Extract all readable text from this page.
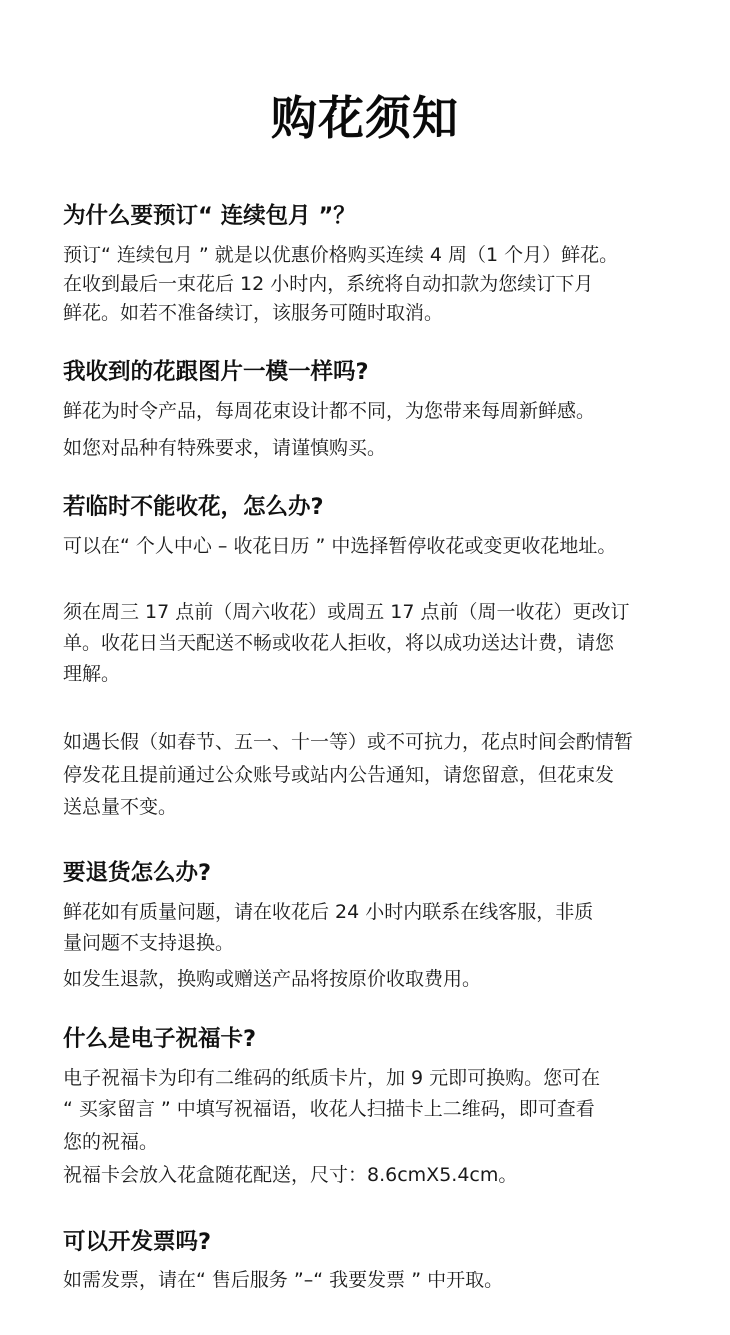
购花须知
为什么要预订“ 连续包月 ”？
预订“ 连续包月 ” 就是以优惠价格购买连续 4 周（1 个月）鲜花。
在收到最后一束花后 12 小时内，系统将自动扣款为您续订下月
鲜花。如若不准备续订，该服务可随时取消。
我收到的花跟图片一模一样吗?
鲜花为时令产品，每周花束设计都不同，为您带来每周新鲜感。
如您对品种有特殊要求，请谨慎购买。
若临时不能收花，怎么办?
可以在“ 个人中心 – 收花日历 ” 中选择暂停收花或变更收花地址。
须在周三 17 点前（周六收花）或周五 17 点前（周一收花）更改订
单。收花日当天配送不畅或收花人拒收，将以成功送达计费，请您
理解。
如遇长假（如春节、五一、十一等）或不可抗力，花点时间会酌情暂
停发花且提前通过公众账号或站内公告通知，请您留意，但花束发
送总量不变。
要退货怎么办?
鲜花如有质量问题，请在收花后 24 小时内联系在线客服，非质
量问题不支持退换。
如发生退款，换购或赠送产品将按原价收取费用。
什么是电子祝福卡?
电子祝福卡为印有二维码的纸质卡片，加 9 元即可换购。您可在
“ 买家留言 ” 中填写祝福语，收花人扫描卡上二维码，即可查看
您的祝福。
祝福卡会放入花盒随花配送，尺寸：8.6cmX5.4cm。
可以开发票吗?
如需发票，请在“ 售后服务 ”–“ 我要发票 ” 中开取。
